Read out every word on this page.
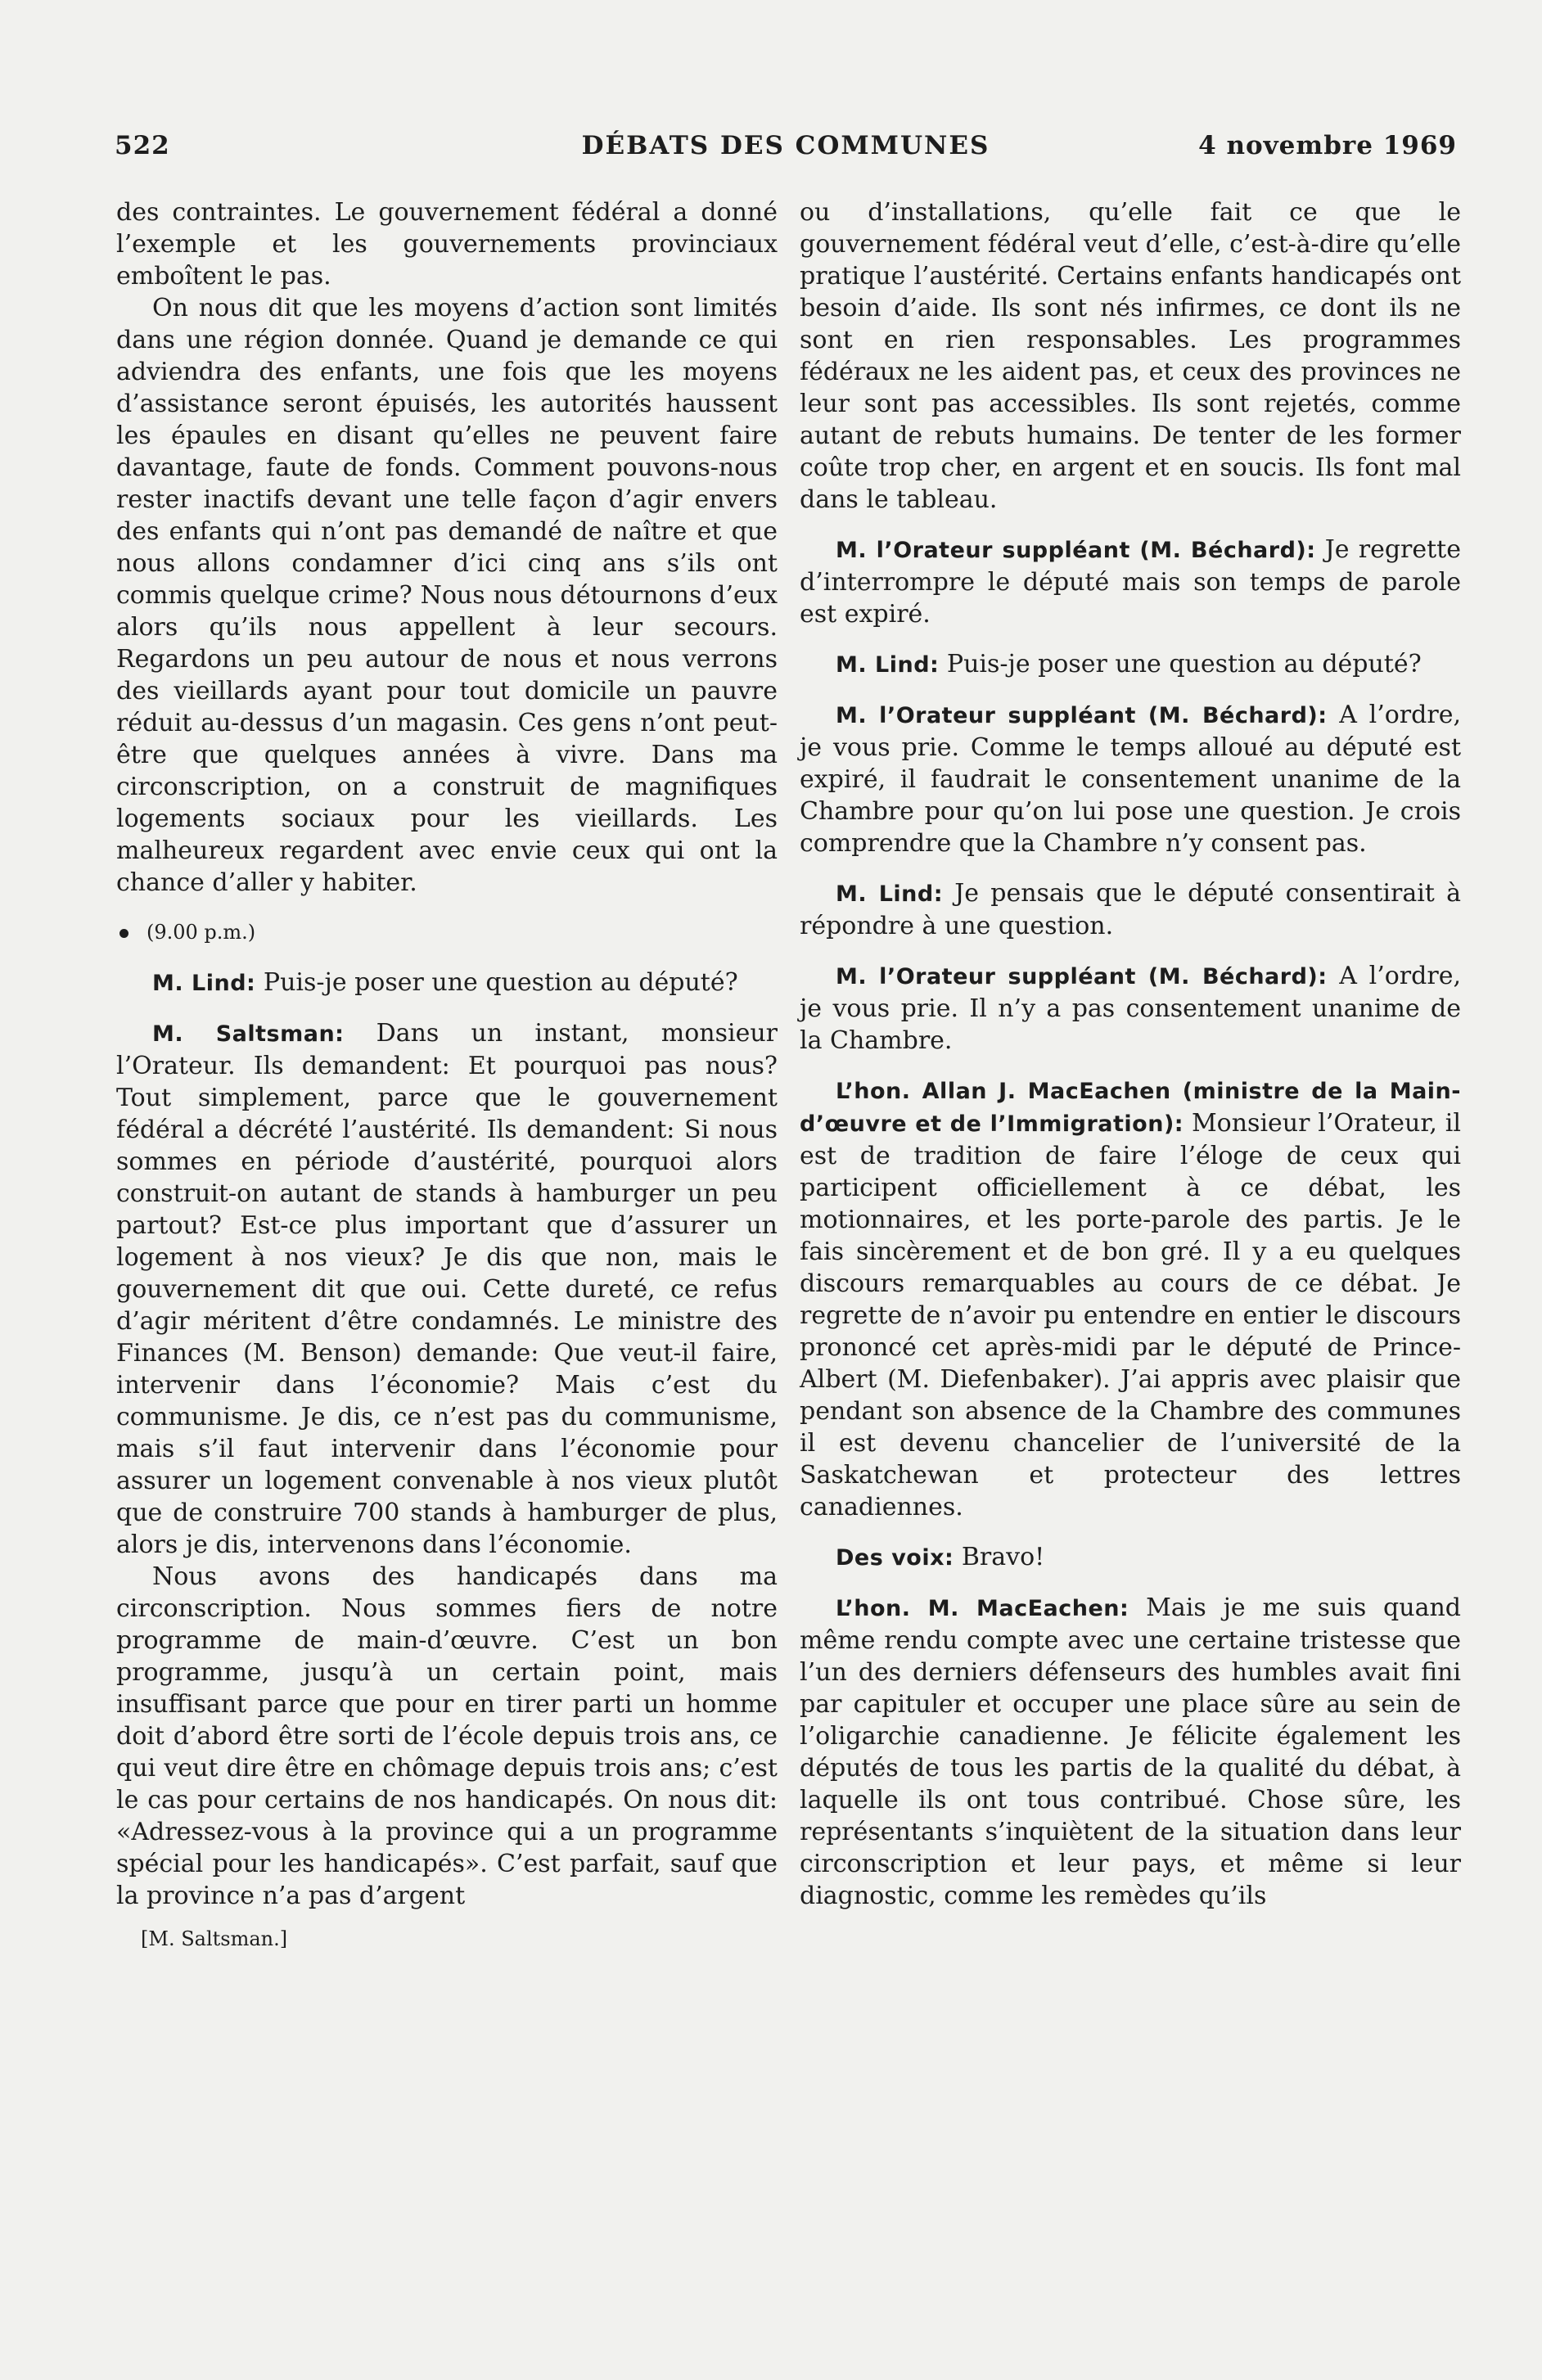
522	DÉBATS DES COMMUNES	4 novembre 1969

des contraintes. Le gouvernement fédéral a donné l’exemple et les gouvernements provinciaux emboîtent le pas.

On nous dit que les moyens d’action sont limités dans une région donnée. Quand je demande ce qui adviendra des enfants, une fois que les moyens d’assistance seront épuisés, les autorités haussent les épaules en disant qu’elles ne peuvent faire davantage, faute de fonds. Comment pouvons-nous rester inactifs devant une telle façon d’agir envers des enfants qui n’ont pas demandé de naître et que nous allons condamner d’ici cinq ans s’ils ont commis quelque crime? Nous nous détournons d’eux alors qu’ils nous appellent à leur secours. Regardons un peu autour de nous et nous verrons des vieillards ayant pour tout domicile un pauvre réduit au-dessus d’un magasin. Ces gens n’ont peut-être que quelques années à vivre. Dans ma circonscription, on a construit de magnifiques logements sociaux pour les vieillards. Les malheureux regardent avec envie ceux qui ont la chance d’aller y habiter.

(9.00 p.m.)

M. Lind: Puis-je poser une question au député?

M. Saltsman: Dans un instant, monsieur l’Orateur. Ils demandent: Et pourquoi pas nous? Tout simplement, parce que le gouvernement fédéral a décrété l’austérité. Ils demandent: Si nous sommes en période d’austérité, pourquoi alors construit-on autant de stands à hamburger un peu partout? Est-ce plus important que d’assurer un logement à nos vieux? Je dis que non, mais le gouvernement dit que oui. Cette dureté, ce refus d’agir méritent d’être condamnés. Le ministre des Finances (M. Benson) demande: Que veut-il faire, intervenir dans l’économie? Mais c’est du communisme. Je dis, ce n’est pas du communisme, mais s’il faut intervenir dans l’économie pour assurer un logement convenable à nos vieux plutôt que de construire 700 stands à hamburger de plus, alors je dis, intervenons dans l’économie.

Nous avons des handicapés dans ma circonscription. Nous sommes fiers de notre programme de main-d’œuvre. C’est un bon programme, jusqu’à un certain point, mais insuffisant parce que pour en tirer parti un homme doit d’abord être sorti de l’école depuis trois ans, ce qui veut dire être en chômage depuis trois ans; c’est le cas pour certains de nos handicapés. On nous dit: «Adressez-vous à la province qui a un programme spécial pour les handicapés». C’est parfait, sauf que la province n’a pas d’argent

[M. Saltsman.]

ou d’installations, qu’elle fait ce que le gouvernement fédéral veut d’elle, c’est-à-dire qu’elle pratique l’austérité. Certains enfants handicapés ont besoin d’aide. Ils sont nés infirmes, ce dont ils ne sont en rien responsables. Les programmes fédéraux ne les aident pas, et ceux des provinces ne leur sont pas accessibles. Ils sont rejetés, comme autant de rebuts humains. De tenter de les former coûte trop cher, en argent et en soucis. Ils font mal dans le tableau.

M. l’Orateur suppléant (M. Béchard): Je regrette d’interrompre le député mais son temps de parole est expiré.

M. Lind: Puis-je poser une question au député?

M. l’Orateur suppléant (M. Béchard): A l’ordre, je vous prie. Comme le temps alloué au député est expiré, il faudrait le consentement unanime de la Chambre pour qu’on lui pose une question. Je crois comprendre que la Chambre n’y consent pas.

M. Lind: Je pensais que le député consentirait à répondre à une question.

M. l’Orateur suppléant (M. Béchard): A l’ordre, je vous prie. Il n’y a pas consentement unanime de la Chambre.

L’hon. Allan J. MacEachen (ministre de la Main-d’œuvre et de l’Immigration): Monsieur l’Orateur, il est de tradition de faire l’éloge de ceux qui participent officiellement à ce débat, les motionnaires, et les porte-parole des partis. Je le fais sincèrement et de bon gré. Il y a eu quelques discours remarquables au cours de ce débat. Je regrette de n’avoir pu entendre en entier le discours prononcé cet après-midi par le député de Prince-Albert (M. Diefenbaker). J’ai appris avec plaisir que pendant son absence de la Chambre des communes il est devenu chancelier de l’université de la Saskatchewan et protecteur des lettres canadiennes.

Des voix: Bravo!

L’hon. M. MacEachen: Mais je me suis quand même rendu compte avec une certaine tristesse que l’un des derniers défenseurs des humbles avait fini par capituler et occuper une place sûre au sein de l’oligarchie canadienne. Je félicite également les députés de tous les partis de la qualité du débat, à laquelle ils ont tous contribué. Chose sûre, les représentants s’inquiètent de la situation dans leur circonscription et leur pays, et même si leur diagnostic, comme les remèdes qu’ils
